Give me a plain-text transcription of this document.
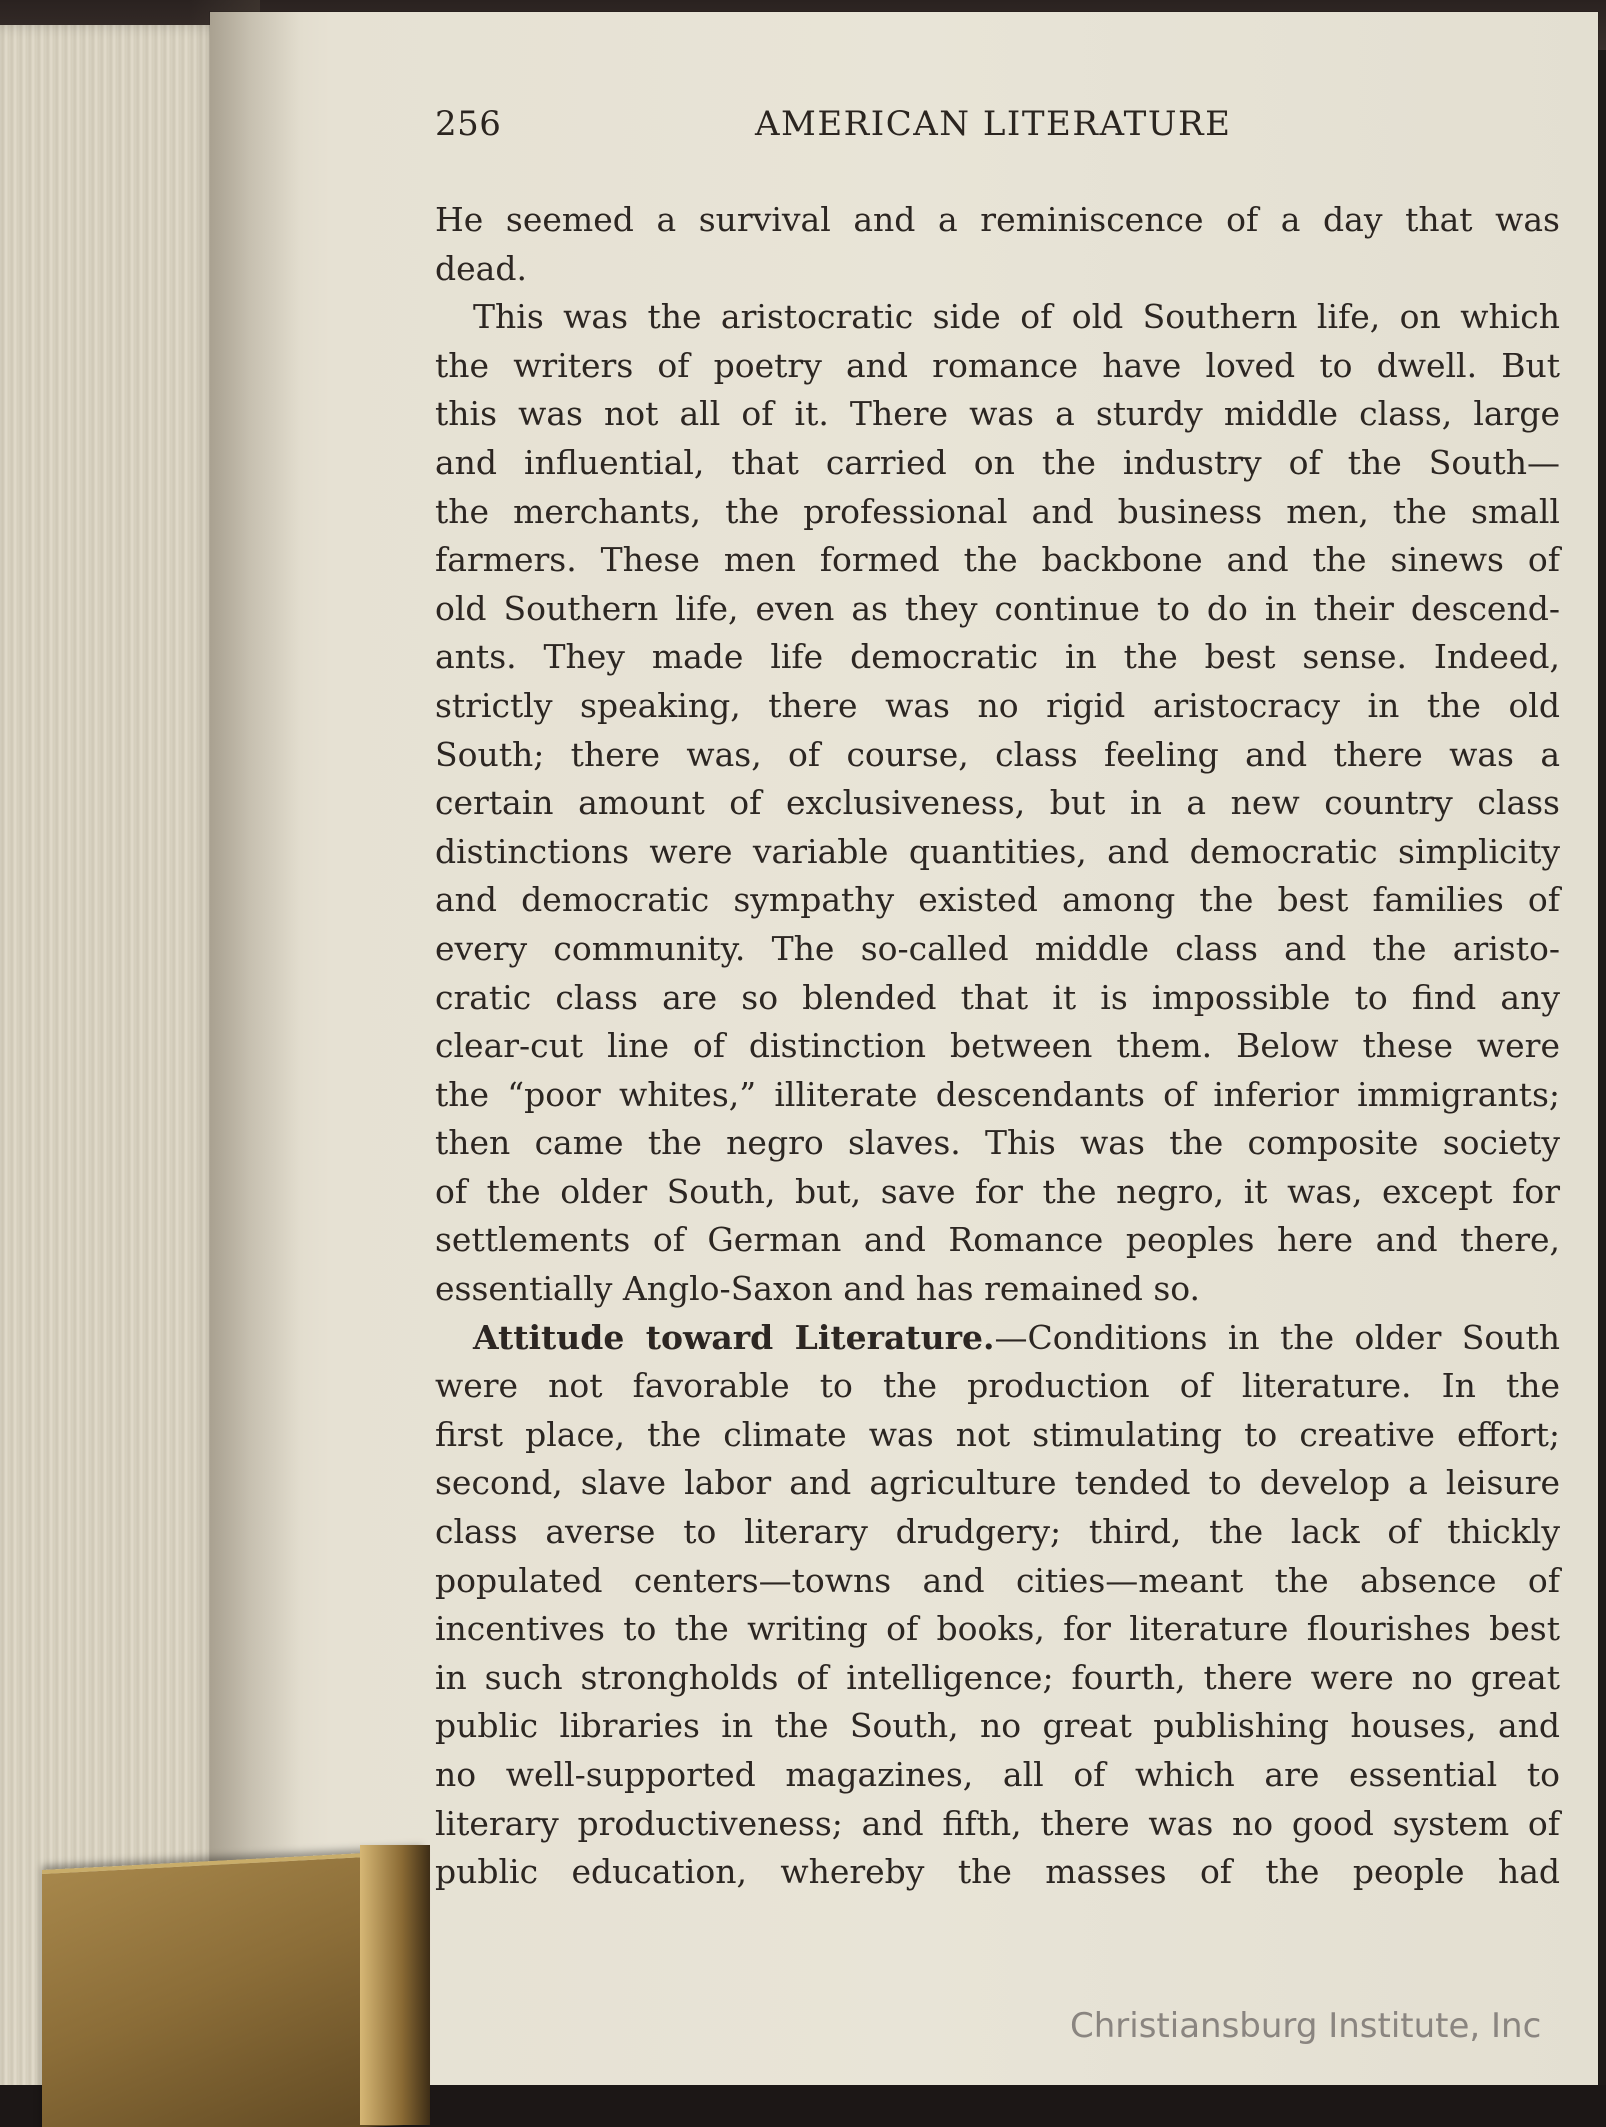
256	AMERICAN LITERATURE
He seemed a survival and a reminiscence of a day that was
dead.
This was the aristocratic side of old Southern life, on which
the writers of poetry and romance have loved to dwell. But
this was not all of it. There was a sturdy middle class, large
and influential, that carried on the industry of the South—
the merchants, the professional and business men, the small
farmers. These men formed the backbone and the sinews of
old Southern life, even as they continue to do in their descend-
ants. They made life democratic in the best sense. Indeed,
strictly speaking, there was no rigid aristocracy in the old
South; there was, of course, class feeling and there was a
certain amount of exclusiveness, but in a new country class
distinctions were variable quantities, and democratic simplicity
and democratic sympathy existed among the best families of
every community. The so-called middle class and the aristo-
cratic class are so blended that it is impossible to find any
clear-cut line of distinction between them. Below these were
the “poor whites,” illiterate descendants of inferior immigrants;
then came the negro slaves. This was the composite society
of the older South, but, save for the negro, it was, except for
settlements of German and Romance peoples here and there,
essentially Anglo-Saxon and has remained so.
Attitude toward Literature.—Conditions in the older South
were not favorable to the production of literature. In the
first place, the climate was not stimulating to creative effort;
second, slave labor and agriculture tended to develop a leisure
class averse to literary drudgery; third, the lack of thickly
populated centers—towns and cities—meant the absence of
incentives to the writing of books, for literature flourishes best
in such strongholds of intelligence; fourth, there were no great
public libraries in the South, no great publishing houses, and
no well-supported magazines, all of which are essential to
literary productiveness; and fifth, there was no good system of
public education, whereby the masses of the people had
Christiansburg Institute, Inc
